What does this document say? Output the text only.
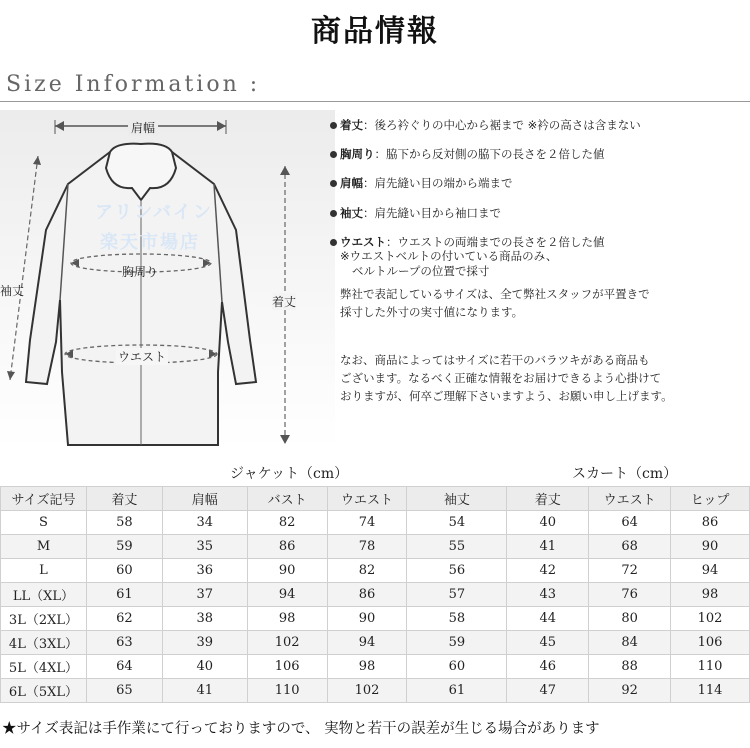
商品情報
Size Information :
アリンバイン
楽天市場店
肩幅
胸周り
袖丈
着丈
ウエスト
着丈：後ろ衿ぐりの中心から裾まで ※衿の高さは含まない
胸周り：脇下から反対側の脇下の長さを２倍した値
肩幅：肩先縫い目の端から端まで
袖丈：肩先縫い目から袖口まで
ウエスト：ウエストの両端までの長さを２倍した値
※ウエストベルトの付いている商品のみ、
ベルトループの位置で採寸
弊社で表記しているサイズは、全て弊社スタッフが平置きで
採寸した外寸の実寸値になります。
なお、商品によってはサイズに若干のバラツキがある商品も
ございます。なるべく正確な情報をお届けできるよう心掛けて
おりますが、何卒ご理解下さいますよう、お願い申し上げます。
ジャケット（cm）	スカート（cm）
サイズ記号	着丈	肩幅	バスト	ウエスト	袖丈	着丈	ウエスト	ヒップ
S	58	34	82	74	54	40	64	86
M	59	35	86	78	55	41	68	90
L	60	36	90	82	56	42	72	94
LL（XL）	61	37	94	86	57	43	76	98
3L（2XL）	62	38	98	90	58	44	80	102
4L（3XL）	63	39	102	94	59	45	84	106
5L（4XL）	64	40	106	98	60	46	88	110
6L（5XL）	65	41	110	102	61	47	92	114
★サイズ表記は手作業にて行っておりますので、 実物と若干の誤差が生じる場合があります
